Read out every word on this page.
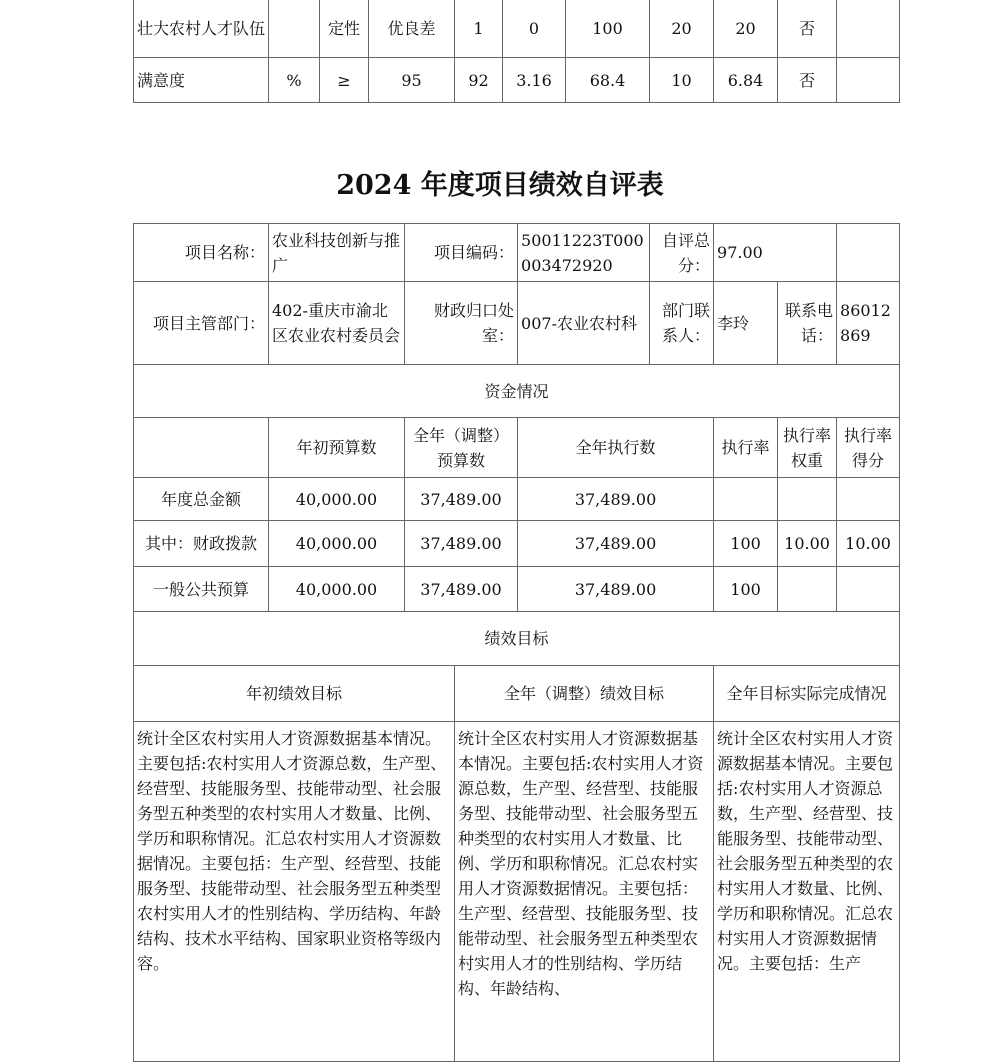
壮大农村人才队伍		定性	优良差	1	0	100	20	20	否	
满意度	%	≥	95	92	3.16	68.4	10	6.84	否	
2024 年度项目绩效自评表
项目名称：	农业科技创新与推广	项目编码：		50011223T000003472920	自评总分：	97.00		
项目主管部门：	402-重庆市渝北区农业农村委员会	财政归口处室：		007-农业农村科	部门联系人：	李玲	联系电话：	86012869
资金情况								
	年初预算数	全年（调整）预算数		全年执行数		执行率	执行率权重	执行率得分
年度总金额	40,000.00	37,489.00		37,489.00				
其中：财政拨款	40,000.00	37,489.00		37,489.00		100	10.00	10.00
一般公共预算	40,000.00	37,489.00		37,489.00		100		
绩效目标								
年初绩效目标			全年（调整）绩效目标			全年目标实际完成情况		
统计全区农村实用人才资源数据基本情况。主要包括:农村实用人才资源总数，生产型、经营型、技能服务型、技能带动型、社会服务型五种类型的农村实用人才数量、比例、学历和职称情况。汇总农村实用人才资源数据情况。主要包括：生产型、经营型、技能服务型、技能带动型、社会服务型五种类型农村实用人才的性别结构、学历结构、年龄结构、技术水平结构、国家职业资格等级内容。			统计全区农村实用人才资源数据基本情况。主要包括:农村实用人才资源总数，生产型、经营型、技能服务型、技能带动型、社会服务型五种类型的农村实用人才数量、比例、学历和职称情况。汇总农村实用人才资源数据情况。主要包括：生产型、经营型、技能服务型、技能带动型、社会服务型五种类型农村实用人才的性别结构、学历结构、年龄结构、			统计全区农村实用人才资源数据基本情况。主要包括:农村实用人才资源总数，生产型、经营型、技能服务型、技能带动型、社会服务型五种类型的农村实用人才数量、比例、学历和职称情况。汇总农村实用人才资源数据情况。主要包括：生产		
